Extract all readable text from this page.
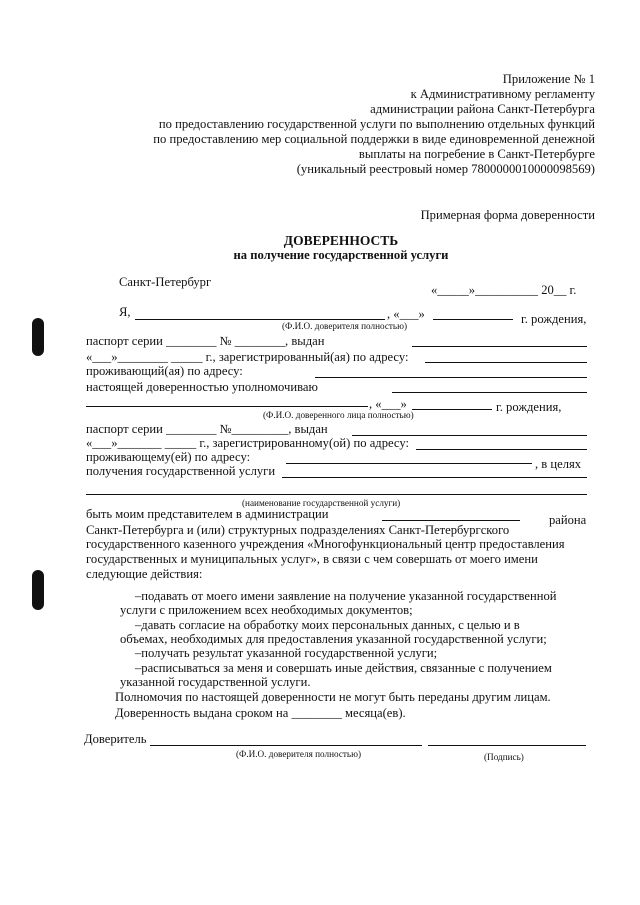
Приложение № 1
к Административному регламенту
администрации района Санкт-Петербурга
по предоставлению государственной услуги по выполнению отдельных функций
по предоставлению мер социальной поддержки в виде единовременной денежной
выплаты на погребение в Санкт-Петербурге
(уникальный реестровый номер 7800000010000098569)
Примерная форма доверенности
ДОВЕРЕННОСТЬ
на получение государственной услуги
Санкт-Петербург
«_____»__________ 20__ г.
Я,	, «___»	г. рождения,
(Ф.И.О. доверителя полностью)
паспорт серии ________ № ________, выдан
«___»________ _____ г., зарегистрированный(ая) по адресу:
проживающий(ая) по адресу:
настоящей доверенностью уполномочиваю
, «___»	г. рождения,
(Ф.И.О. доверенного лица полностью)
паспорт серии ________ №_________, выдан
«___»_______ _____ г., зарегистрированному(ой) по адресу:
проживающему(ей) по адресу:	, в целях
получения государственной услуги
(наименование государственной услуги)
быть моим представителем в администрации	района
Санкт-Петербурга и (или) структурных подразделениях Санкт-Петербургского
государственного казенного учреждения «Многофункциональный центр предоставления
государственных и муниципальных услуг», в связи с чем совершать от моего имени
следующие действия:
–подавать от моего имени заявление на получение указанной государственной
услуги с приложением всех необходимых документов;
–давать согласие на обработку моих персональных данных, с целью и в
объемах, необходимых для предоставления указанной государственной услуги;
–получать результат указанной государственной услуги;
–расписываться за меня и совершать иные действия, связанные с получением
указанной государственной услуги.
Полномочия по настоящей доверенности не могут быть переданы другим лицам.
Доверенность выдана сроком на ________ месяца(ев).
Доверитель
(Ф.И.О. доверителя полностью)	(Подпись)
